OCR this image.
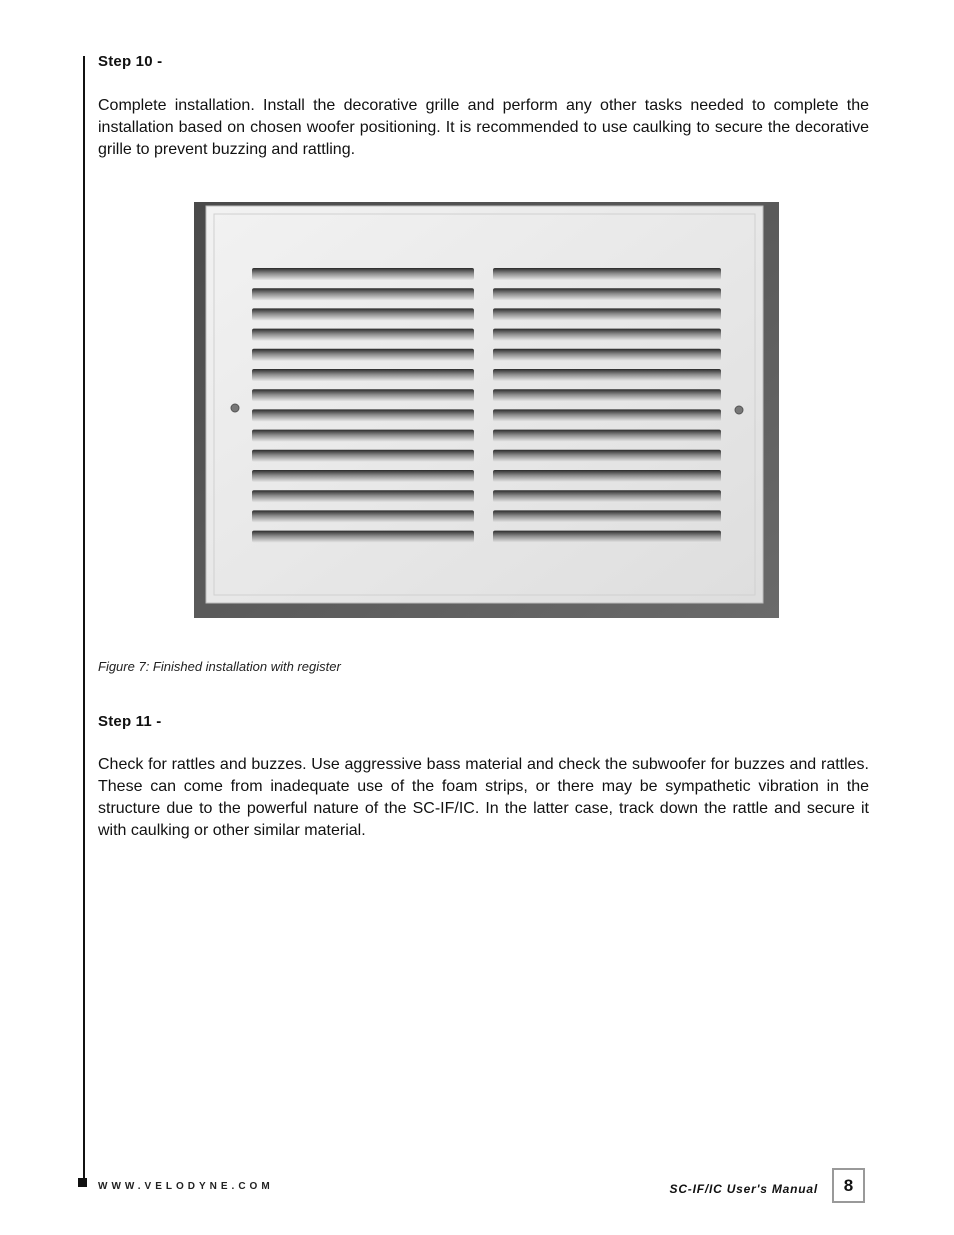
Step 10 -
Complete installation. Install the decorative grille and perform any other tasks needed to complete the installation based on chosen woofer positioning. It is recommended to use caulking to secure the decorative grille to prevent buzzing and rattling.
Figure 7: Finished installation with register
Step 11 -
Check for rattles and buzzes. Use aggressive bass material and check the subwoofer for buzzes and rattles. These can come from inadequate use of the foam strips, or there may be sympathetic vibration in the structure due to the powerful nature of the SC-IF/IC. In the latter case, track down the rattle and secure it with caulking or other similar material.
WWW.VELODYNE.COM	SC-IF/IC User's Manual	8
